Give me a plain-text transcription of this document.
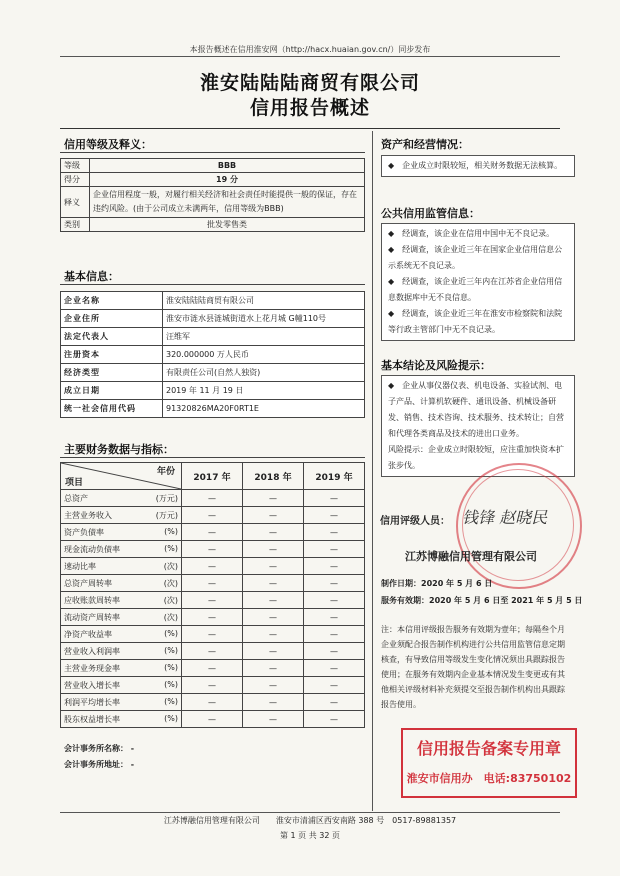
本报告概述在信用淮安网（http://hacx.huaian.gov.cn/）同步发布
淮安陆陆陆商贸有限公司
信用报告概述
信用等级及释义：
等级	BBB
得分	19 分
释义	企业信用程度一般，对履行相关经济和社会责任时能提供一般的保证，存在违约风险。(由于公司成立未满两年，信用等级为BBB)
类别	批发零售类
基本信息：
企业名称	淮安陆陆陆商贸有限公司
企业住所	淮安市涟水县涟城街道水上花月城 G幢110号
法定代表人	汪维军
注册资本	320.000000 万人民币
经济类型	有限责任公司(自然人独资)
成立日期	2019 年 11 月 19 日
统一社会信用代码	91320826MA20F0RT1E
主要财务数据与指标：
年份
项目	2017 年	2018 年	2019 年
总资产 (万元)	—	—	—
主营业务收入 (万元)	—	—	—
资产负债率 (%)	—	—	—
现金流动负债率 (%)	—	—	—
速动比率 (次)	—	—	—
总资产周转率 (次)	—	—	—
应收账款周转率 (次)	—	—	—
流动资产周转率 (次)	—	—	—
净资产收益率 (%)	—	—	—
营业收入利润率 (%)	—	—	—
主营业务现金率 (%)	—	—	—
营业收入增长率 (%)	—	—	—
利润平均增长率 (%)	—	—	—
股东权益增长率 (%)	—	—	—
会计事务所名称： -
会计事务所地址： -
资产和经营情况：

◆　企业成立时限较短，相关财务数据无法核算。

公共信用监管信息：

◆　经调查，该企业在信用中国中无不良记录。

◆　经调查，该企业近三年在国家企业信用信息公示系统无不良记录。

◆　经调查，该企业近三年内在江苏省企业信用信息数据库中无不良信息。

◆　经调查，该企业近三年在淮安市检察院和法院等行政主管部门中无不良记录。

基本结论及风险提示：

◆　企业从事仪器仪表、机电设备、实验试剂、电子产品、计算机软硬件、通讯设备、机械设备研发、销售、技术咨询、技术服务、技术转让；自营和代理各类商品及技术的进出口业务。

风险提示：企业成立时限较短，应注重加快资本扩张步伐。

信用评级人员： 钱锋 赵晓民
江苏博融信用管理有限公司
制作日期：2020 年 5 月 6 日
服务有效期：2020 年 5 月 6 日至 2021 年 5 月 5 日
注：本信用评级报告服务有效期为壹年；每隔叁个月企业须配合报告制作机构进行公共信用监管信息定期核查，有导致信用等级发生变化情况须出具跟踪报告使用；在服务有效期内企业基本情况发生变更或有其他相关评级材料补充须提交至报告制作机构出具跟踪报告使用。
信用报告备案专用章
淮安市信用办　电话:83750102
江苏博融信用管理有限公司　　淮安市清浦区西安南路 388 号　0517-89881357
第 1 页 共 32 页
